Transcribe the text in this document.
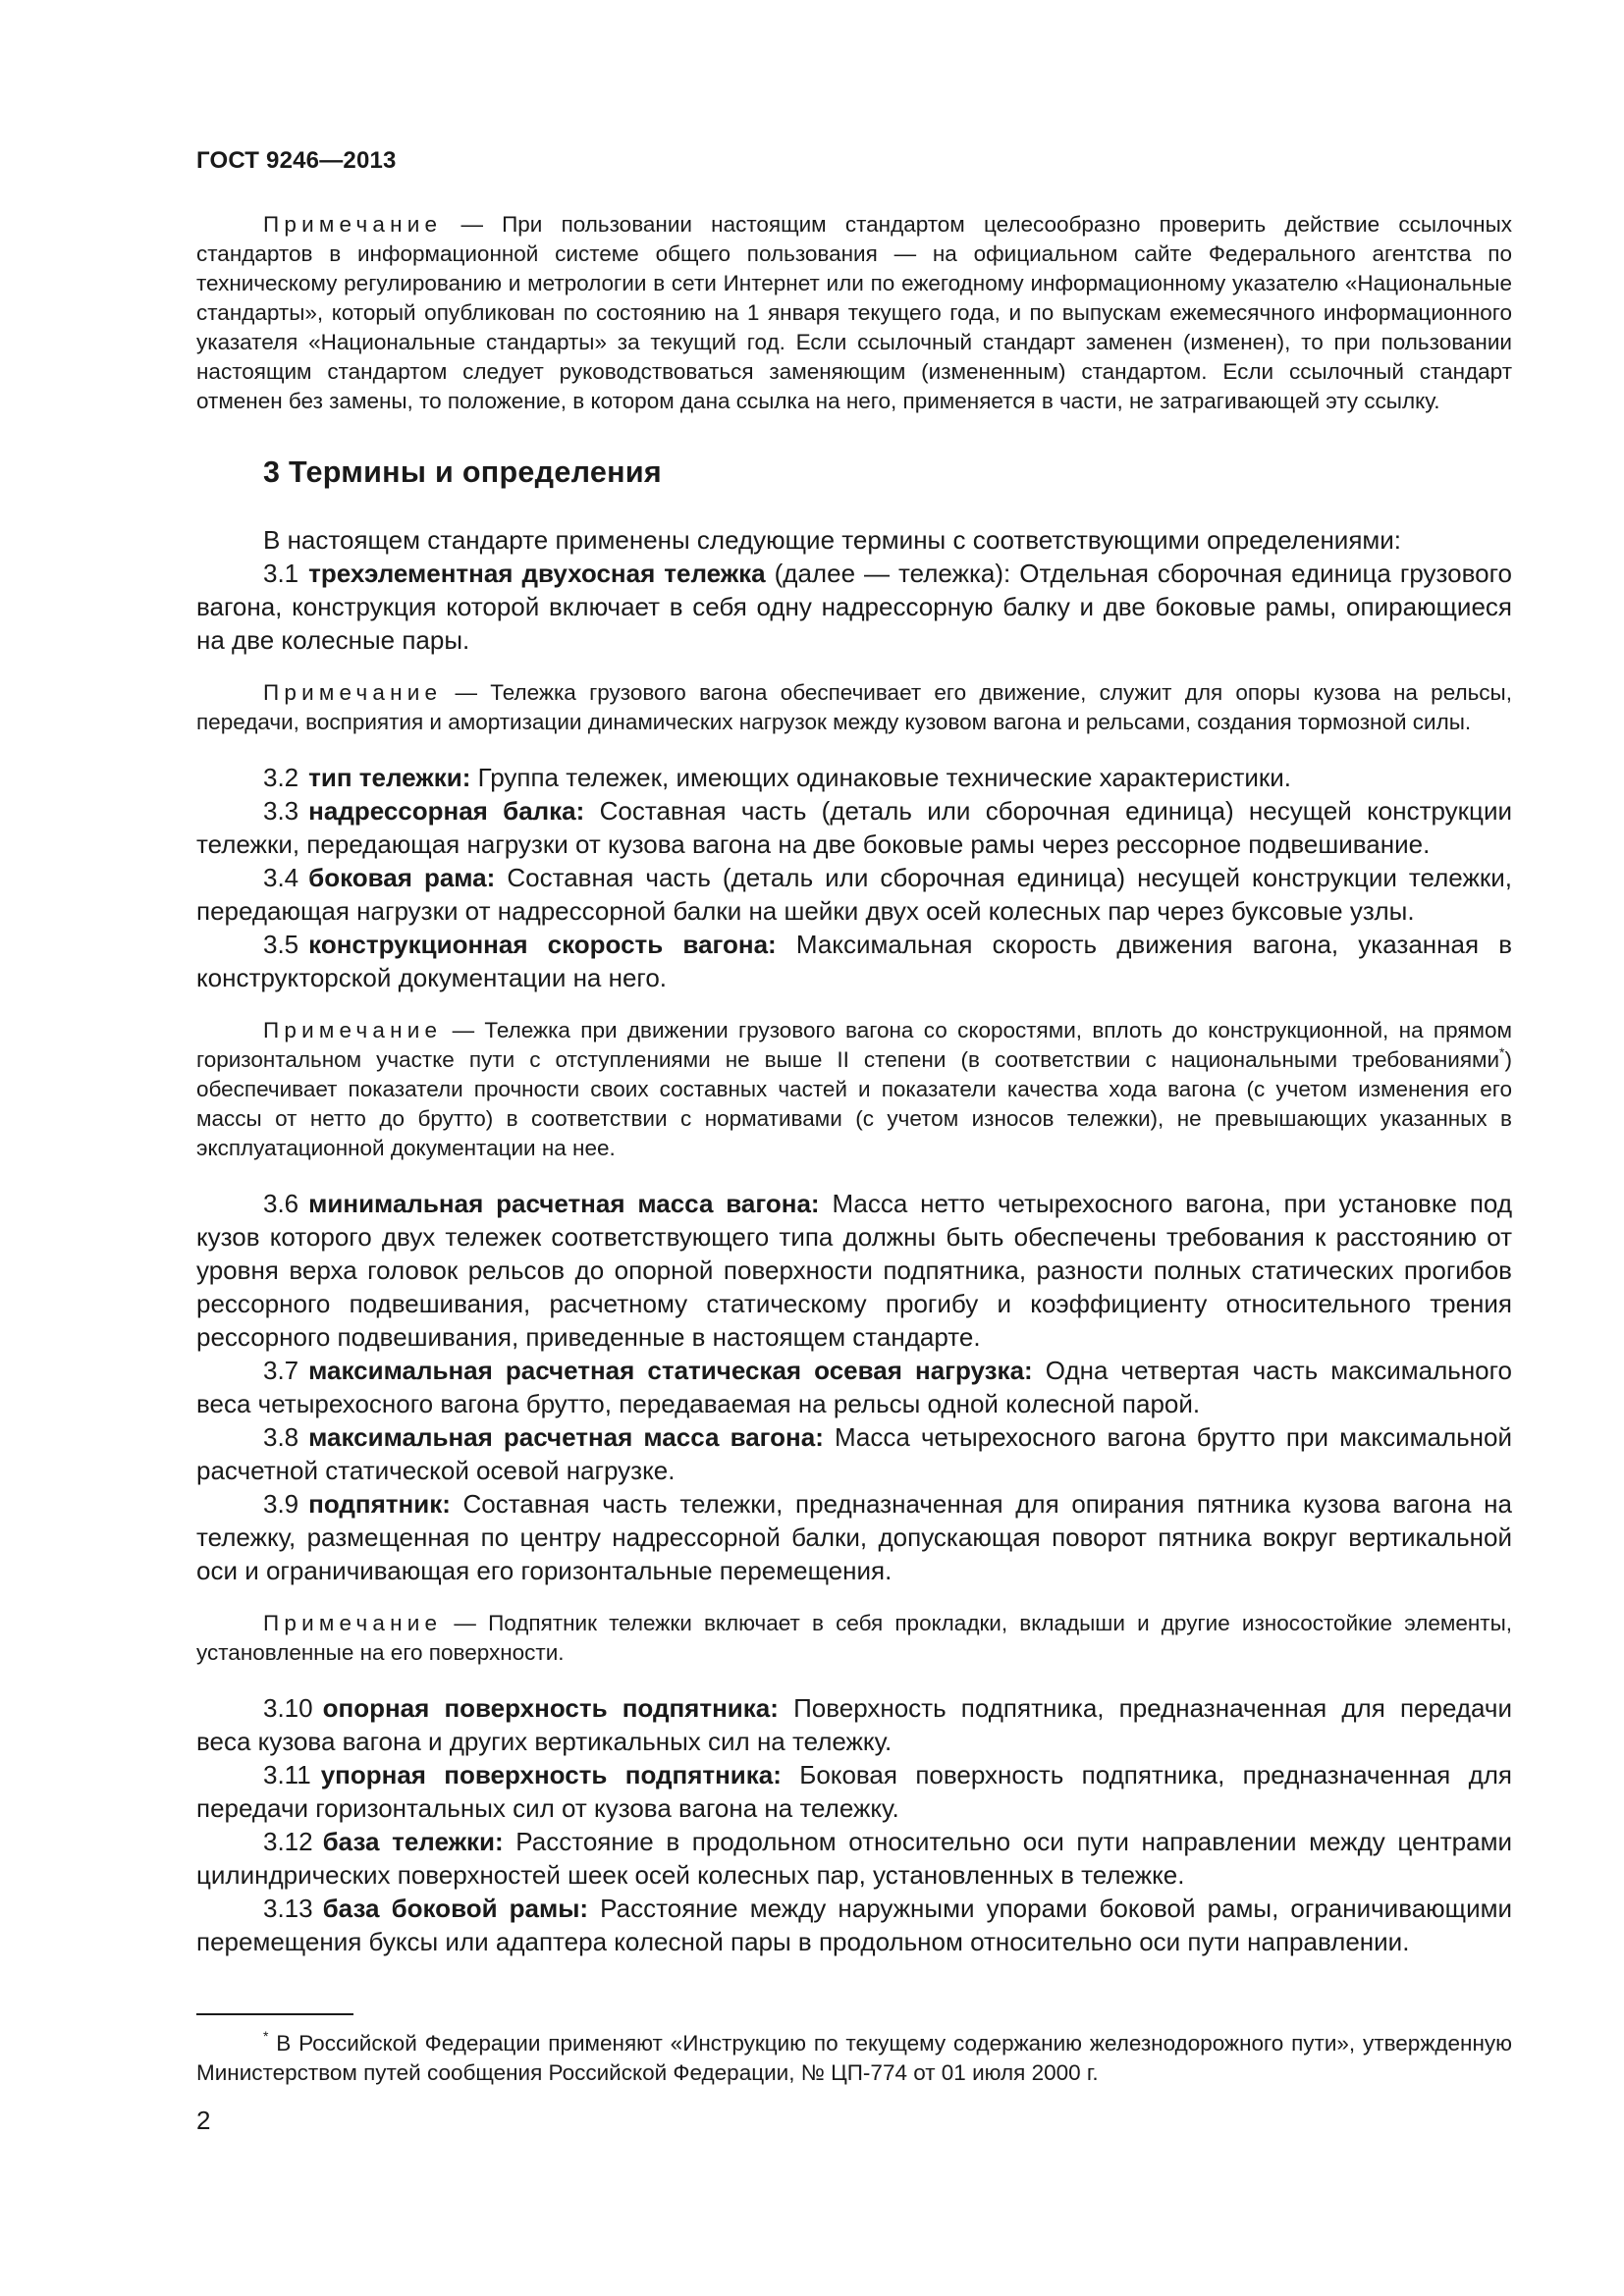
ГОСТ 9246—2013

Примечание — При пользовании настоящим стандартом целесообразно проверить действие ссылочных стандартов в информационной системе общего пользования — на официальном сайте Федерального агентства по техническому регулированию и метрологии в сети Интернет или по ежегодному информационному указателю «Национальные стандарты», который опубликован по состоянию на 1 января текущего года, и по выпускам ежемесячного информационного указателя «Национальные стандарты» за текущий год. Если ссылочный стандарт заменен (изменен), то при пользовании настоящим стандартом следует руководствоваться заменяющим (измененным) стандартом. Если ссылочный стандарт отменен без замены, то положение, в котором дана ссылка на него, применяется в части, не затрагивающей эту ссылку.

3 Термины и определения

В настоящем стандарте применены следующие термины с соответствующими определениями:

3.1 трехэлементная двухосная тележка (далее — тележка): Отдельная сборочная единица грузового вагона, конструкция которой включает в себя одну надрессорную балку и две боковые рамы, опирающиеся на две колесные пары.

Примечание — Тележка грузового вагона обеспечивает его движение, служит для опоры кузова на рельсы, передачи, восприятия и амортизации динамических нагрузок между кузовом вагона и рельсами, создания тормозной силы.

3.2 тип тележки: Группа тележек, имеющих одинаковые технические характеристики.

3.3 надрессорная балка: Составная часть (деталь или сборочная единица) несущей конструкции тележки, передающая нагрузки от кузова вагона на две боковые рамы через рессорное подвешивание.

3.4 боковая рама: Составная часть (деталь или сборочная единица) несущей конструкции тележки, передающая нагрузки от надрессорной балки на шейки двух осей колесных пар через буксовые узлы.

3.5 конструкционная скорость вагона: Максимальная скорость движения вагона, указанная в конструкторской документации на него.

Примечание — Тележка при движении грузового вагона со скоростями, вплоть до конструкционной, на прямом горизонтальном участке пути с отступлениями не выше II степени (в соответствии с национальными требованиями*) обеспечивает показатели прочности своих составных частей и показатели качества хода вагона (с учетом изменения его массы от нетто до брутто) в соответствии с нормативами (с учетом износов тележки), не превышающих указанных в эксплуатационной документации на нее.

3.6 минимальная расчетная масса вагона: Масса нетто четырехосного вагона, при установке под кузов которого двух тележек соответствующего типа должны быть обеспечены требования к расстоянию от уровня верха головок рельсов до опорной поверхности подпятника, разности полных статических прогибов рессорного подвешивания, расчетному статическому прогибу и коэффициенту относительного трения рессорного подвешивания, приведенные в настоящем стандарте.

3.7 максимальная расчетная статическая осевая нагрузка: Одна четвертая часть максимального веса четырехосного вагона брутто, передаваемая на рельсы одной колесной парой.

3.8 максимальная расчетная масса вагона: Масса четырехосного вагона брутто при максимальной расчетной статической осевой нагрузке.

3.9 подпятник: Составная часть тележки, предназначенная для опирания пятника кузова вагона на тележку, размещенная по центру надрессорной балки, допускающая поворот пятника вокруг вертикальной оси и ограничивающая его горизонтальные перемещения.

Примечание — Подпятник тележки включает в себя прокладки, вкладыши и другие износостойкие элементы, установленные на его поверхности.

3.10 опорная поверхность подпятника: Поверхность подпятника, предназначенная для передачи веса кузова вагона и других вертикальных сил на тележку.

3.11 упорная поверхность подпятника: Боковая поверхность подпятника, предназначенная для передачи горизонтальных сил от кузова вагона на тележку.

3.12 база тележки: Расстояние в продольном относительно оси пути направлении между центрами цилиндрических поверхностей шеек осей колесных пар, установленных в тележке.

3.13 база боковой рамы: Расстояние между наружными упорами боковой рамы, ограничивающими перемещения буксы или адаптера колесной пары в продольном относительно оси пути направлении.

* В Российской Федерации применяют «Инструкцию по текущему содержанию железнодорожного пути», утвержденную Министерством путей сообщения Российской Федерации, № ЦП-774 от 01 июля 2000 г.

2
